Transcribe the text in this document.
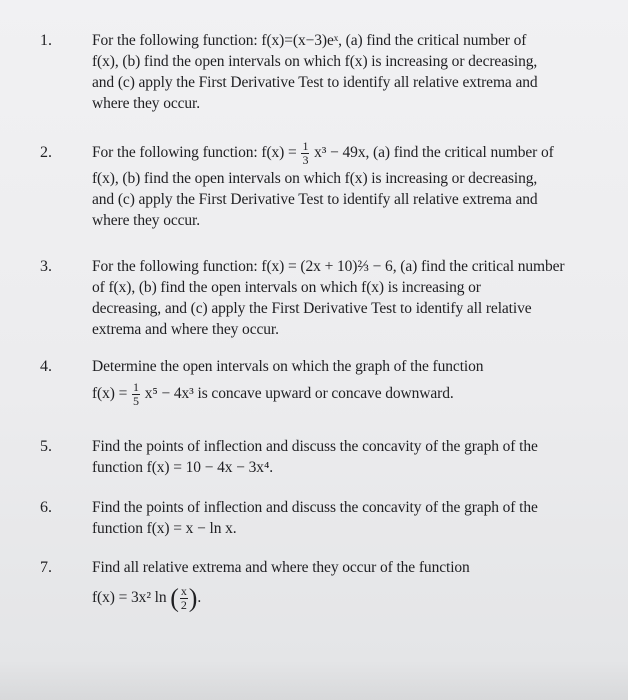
1.	For the following function: f(x)=(x−3)eˣ, (a) find the critical number of
f(x), (b) find the open intervals on which f(x) is increasing or decreasing,
and (c) apply the First Derivative Test to identify all relative extrema and
where they occur.
2.	For the following function: $f(x) = \frac{1}{3} x^3 - 49x$, (a) find the critical number of
f(x), (b) find the open intervals on which f(x) is increasing or decreasing,
and (c) apply the First Derivative Test to identify all relative extrema and
where they occur.
3.	For the following function: f(x) = (2x + 10)⅔ − 6, (a) find the critical number
of f(x), (b) find the open intervals on which f(x) is increasing or
decreasing, and (c) apply the First Derivative Test to identify all relative
extrema and where they occur.
4.	Determine the open intervals on which the graph of the function
$f(x) = \frac{1}{5} x^5 - 4x^3$ is concave upward or concave downward.
5.	Find the points of inflection and discuss the concavity of the graph of the
function f(x) = 10 − 4x − 3x⁴.
6.	Find the points of inflection and discuss the concavity of the graph of the
function f(x) = x − ln x.
7.	Find all relative extrema and where they occur of the function
f(x) = 3x² ln ( $\frac{x}{2}$ ).
